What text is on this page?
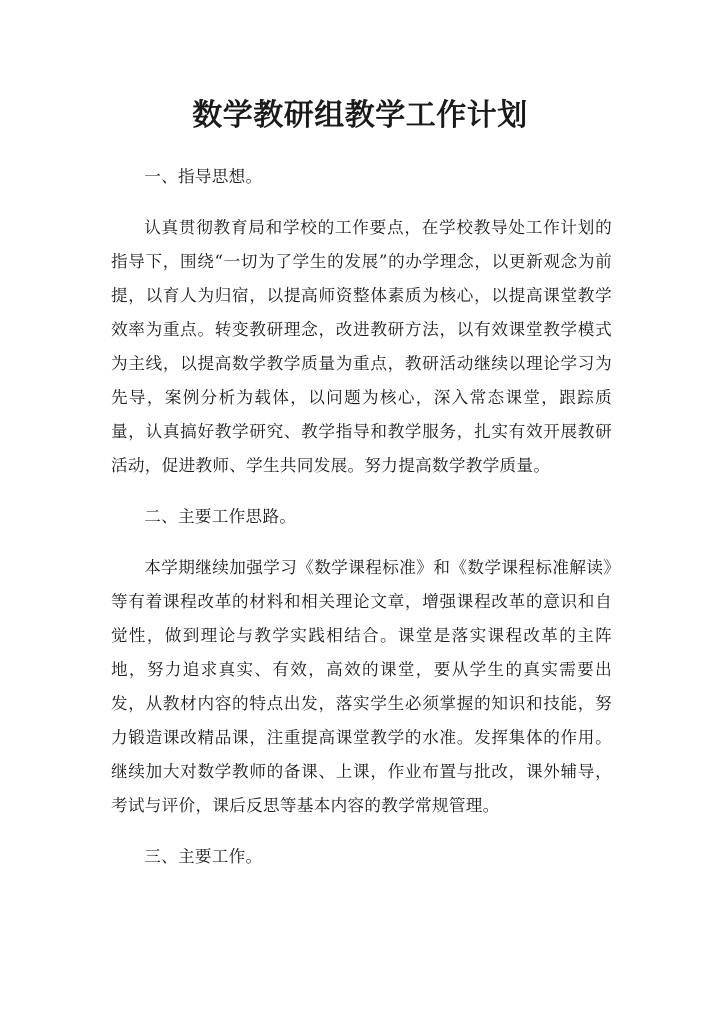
数学教研组教学工作计划

一、指导思想。

认真贯彻教育局和学校的工作要点，在学校教导处工作计划的指导下，围绕“一切为了学生的发展”的办学理念，以更新观念为前提，以育人为归宿，以提高师资整体素质为核心，以提高课堂教学效率为重点。转变教研理念，改进教研方法，以有效课堂教学模式为主线，以提高数学教学质量为重点，教研活动继续以理论学习为先导，案例分析为载体，以问题为核心，深入常态课堂，跟踪质量，认真搞好教学研究、教学指导和教学服务，扎实有效开展教研活动，促进教师、学生共同发展。努力提高数学教学质量。

二、主要工作思路。

本学期继续加强学习《数学课程标准》和《数学课程标准解读》等有着课程改革的材料和相关理论文章，增强课程改革的意识和自觉性，做到理论与教学实践相结合。课堂是落实课程改革的主阵地，努力追求真实、有效，高效的课堂，要从学生的真实需要出发，从教材内容的特点出发，落实学生必须掌握的知识和技能，努力锻造课改精品课，注重提高课堂教学的水准。发挥集体的作用。继续加大对数学教师的备课、上课，作业布置与批改，课外辅导，考试与评价，课后反思等基本内容的教学常规管理。

三、主要工作。
